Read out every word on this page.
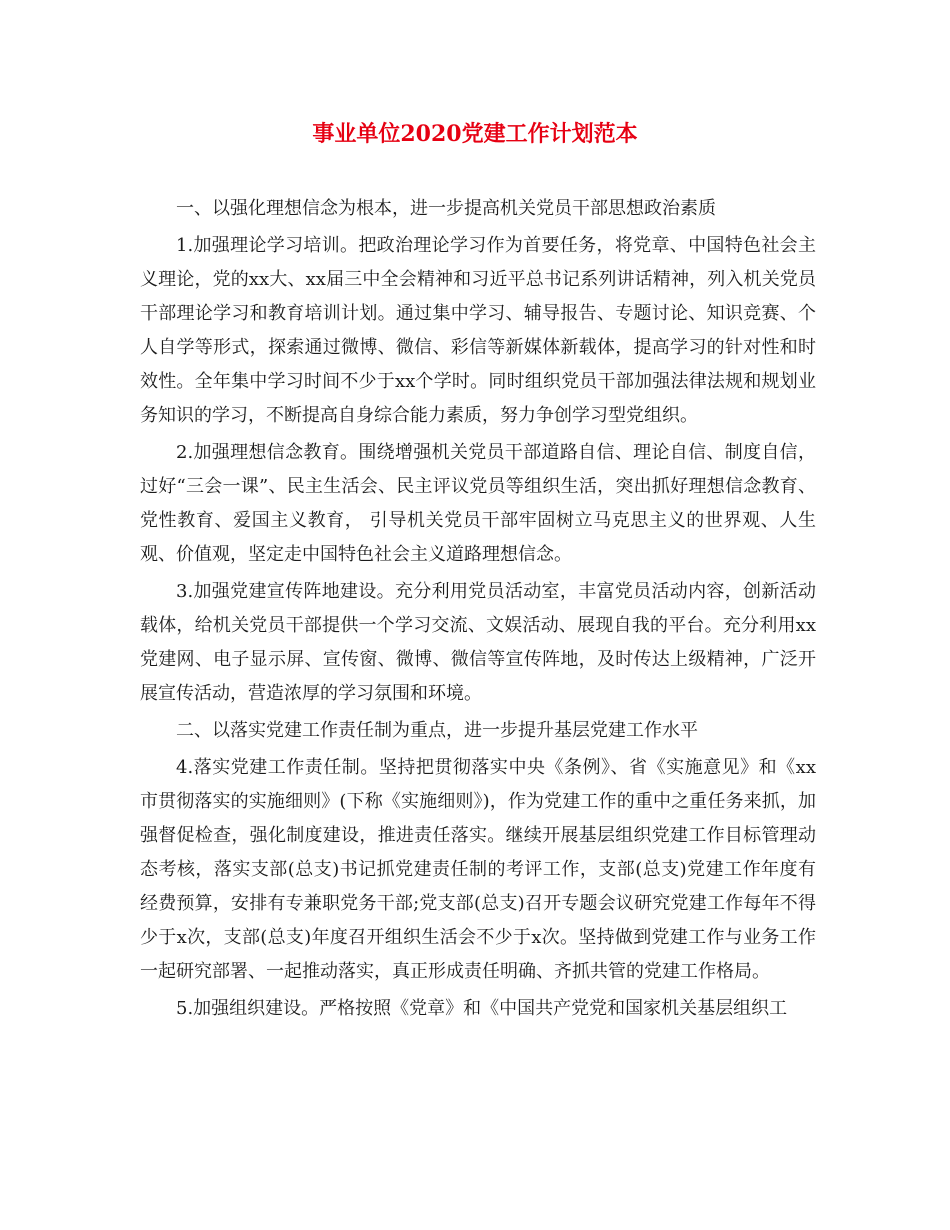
事业单位2020党建工作计划范本

一、以强化理想信念为根本，进一步提高机关党员干部思想政治素质

1.加强理论学习培训。把政治理论学习作为首要任务，将党章、中国特色社会主义理论，党的xx大、xx届三中全会精神和习近平总书记系列讲话精神，列入机关党员干部理论学习和教育培训计划。通过集中学习、辅导报告、专题讨论、知识竞赛、个人自学等形式，探索通过微博、微信、彩信等新媒体新载体，提高学习的针对性和时效性。全年集中学习时间不少于xx个学时。同时组织党员干部加强法律法规和规划业务知识的学习，不断提高自身综合能力素质，努力争创学习型党组织。

2.加强理想信念教育。围绕增强机关党员干部道路自信、理论自信、制度自信，过好“三会一课”、民主生活会、民主评议党员等组织生活，突出抓好理想信念教育、党性教育、爱国主义教育， 引导机关党员干部牢固树立马克思主义的世界观、人生观、价值观，坚定走中国特色社会主义道路理想信念。

3.加强党建宣传阵地建设。充分利用党员活动室，丰富党员活动内容，创新活动载体，给机关党员干部提供一个学习交流、文娱活动、展现自我的平台。充分利用xx党建网、电子显示屏、宣传窗、微博、微信等宣传阵地，及时传达上级精神，广泛开展宣传活动，营造浓厚的学习氛围和环境。

二、以落实党建工作责任制为重点，进一步提升基层党建工作水平

4.落实党建工作责任制。坚持把贯彻落实中央《条例》、省《实施意见》和《xx市贯彻落实的实施细则》(下称《实施细则》)，作为党建工作的重中之重任务来抓，加强督促检查，强化制度建设，推进责任落实。继续开展基层组织党建工作目标管理动态考核，落实支部(总支)书记抓党建责任制的考评工作，支部(总支)党建工作年度有经费预算，安排有专兼职党务干部;党支部(总支)召开专题会议研究党建工作每年不得少于x次，支部(总支)年度召开组织生活会不少于x次。坚持做到党建工作与业务工作一起研究部署、一起推动落实，真正形成责任明确、齐抓共管的党建工作格局。

5.加强组织建设。严格按照《党章》和《中国共产党党和国家机关基层组织工
